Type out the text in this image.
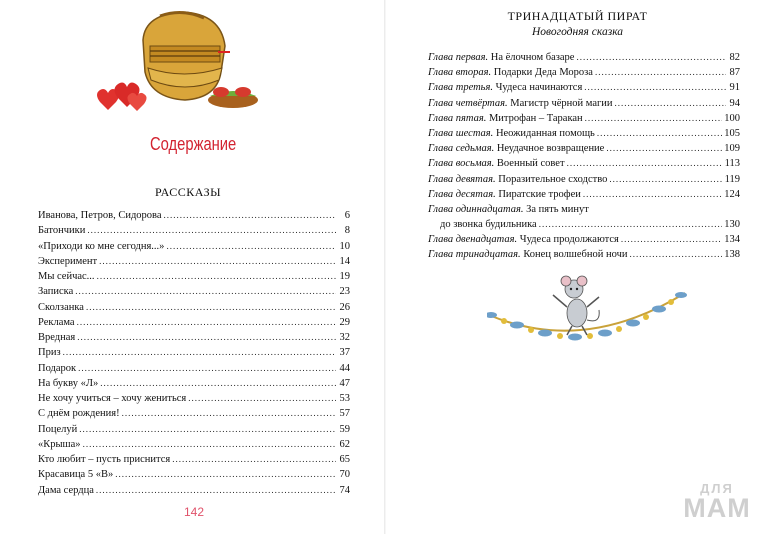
Содержание
РАССКАЗЫ
Иванова, Петров, Сидорова .....	6
Батончики .....	8
«Приходи ко мне сегодня...» .....	10
Эксперимент .....	14
Мы сейчас... .....	19
Записка .....	23
Сколзанка .....	26
Реклама .....	29
Вредная .....	32
Приз .....	37
Подарок .....	44
На букву «Л» .....	47
Не хочу учиться – хочу жениться .....	53
С днём рождения! .....	57
Поцелуй .....	59
«Крыша» .....	62
Кто любит – пусть приснится .....	65
Красавица 5 «В» .....	70
Дама сердца .....	74
142
ТРИНАДЦАТЫЙ ПИРАТ
Новогодняя сказка
Глава первая. На ёлочном базаре .....	82
Глава вторая. Подарки Деда Мороза .....	87
Глава третья. Чудеса начинаются .....	91
Глава четвёртая. Магистр чёрной магии .....	94
Глава пятая. Митрофан – Таракан .....	100
Глава шестая. Неожиданная помощь .....	105
Глава седьмая. Неудачное возвращение .....	109
Глава восьмая. Военный совет .....	113
Глава девятая. Поразительное сходство .....	119
Глава десятая. Пиратские трофеи .....	124
Глава одиннадцатая. За пять минут
до звонка будильника .....	130
Глава двенадцатая. Чудеса продолжаются .....	134
Глава тринадцатая. Конец волшебной ночи .....	138
ДЛЯ
МАМ
